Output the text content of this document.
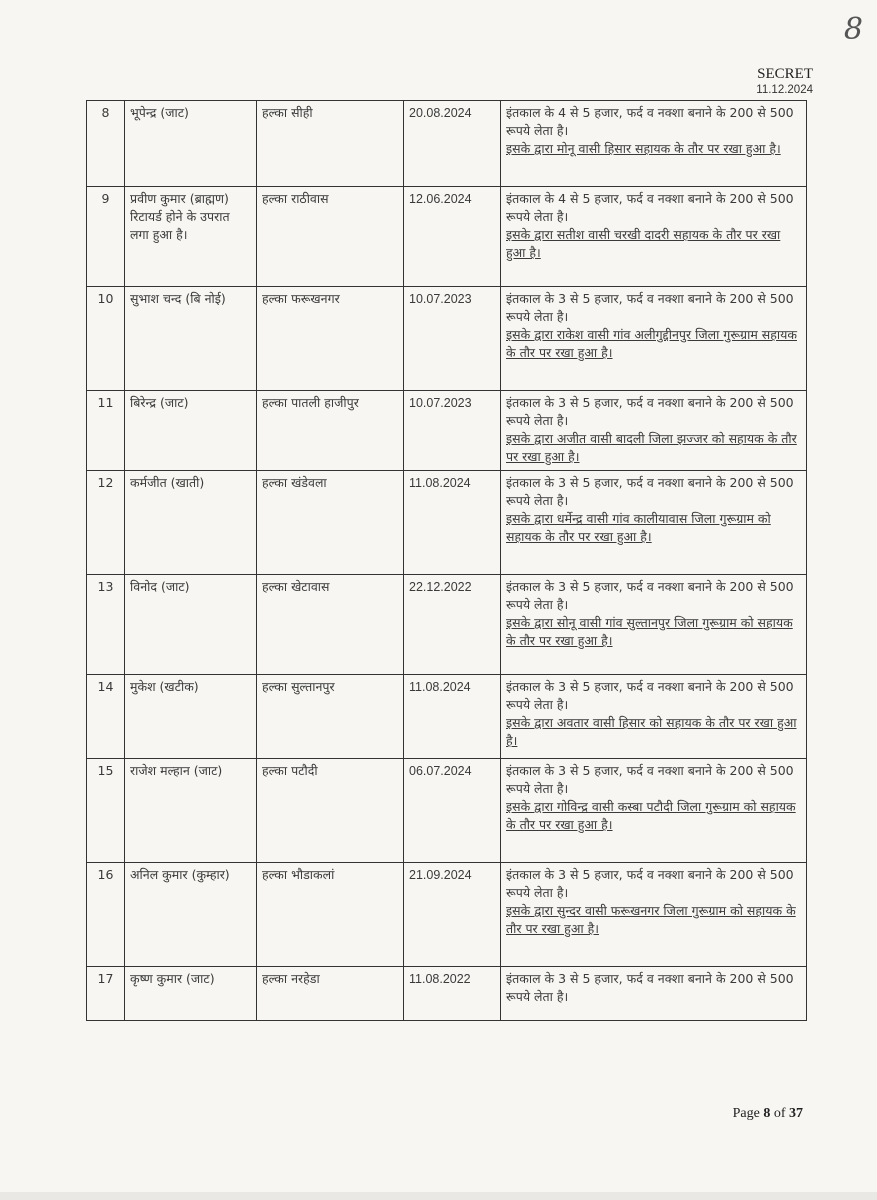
8
SECRET
11.12.2024
8	भूपेन्द्र (जाट)	हल्का सीही	20.08.2024	इंतकाल के 4 से 5 हजार, फर्द व नक्शा बनाने के 200 से 500 रूपये लेता है।
इसके द्वारा मोनू वासी हिसार सहायक के तौर पर रखा हुआ है।

9	प्रवीण कुमार (ब्राह्मण) रिटायर्ड होने के उपरात लगा हुआ है।	हल्का राठीवास	12.06.2024	इंतकाल के 4 से 5 हजार, फर्द व नक्शा बनाने के 200 से 500 रूपये लेता है।
इसके द्वारा सतीश वासी चरखी दादरी सहायक के तौर पर रखा हुआ है।

10	सुभाश चन्द (बि नोई)	हल्का फरूखनगर	10.07.2023	इंतकाल के 3 से 5 हजार, फर्द व नक्शा बनाने के 200 से 500 रूपये लेता है।
इसके द्वारा राकेश वासी गांव अलीगुद्दीनपुर जिला गुरूग्राम सहायक के तौर पर रखा हुआ है।

11	बिरेन्द्र (जाट)	हल्का पातली हाजीपुर	10.07.2023	इंतकाल के 3 से 5 हजार, फर्द व नक्शा बनाने के 200 से 500 रूपये लेता है।
इसके द्वारा अजीत वासी बादली जिला झज्जर को सहायक के तौर पर रखा हुआ है।

12	कर्मजीत (खाती)	हल्का खंडेवला	11.08.2024	इंतकाल के 3 से 5 हजार, फर्द व नक्शा बनाने के 200 से 500 रूपये लेता है।
इसके द्वारा धर्मेन्द्र वासी गांव कालीयावास जिला गुरूग्राम को सहायक के तौर पर रखा हुआ है।

13	विनोद (जाट)	हल्का खेटावास	22.12.2022	इंतकाल के 3 से 5 हजार, फर्द व नक्शा बनाने के 200 से 500 रूपये लेता है।
इसके द्वारा सोनू वासी गांव सुल्तानपुर जिला गुरूग्राम को सहायक के तौर पर रखा हुआ है।

14	मुकेश (खटीक)	हल्का सुल्तानपुर	11.08.2024	इंतकाल के 3 से 5 हजार, फर्द व नक्शा बनाने के 200 से 500 रूपये लेता है।
इसके द्वारा अवतार वासी हिसार को सहायक के तौर पर रखा हुआ है।

15	राजेश मल्हान (जाट)	हल्का पटौदी	06.07.2024	इंतकाल के 3 से 5 हजार, फर्द व नक्शा बनाने के 200 से 500 रूपये लेता है।
इसके द्वारा गोविन्द्र वासी कस्बा पटौदी जिला गुरूग्राम को सहायक के तौर पर रखा हुआ है।

16	अनिल कुमार (कुम्हार)	हल्का भौडाकलां	21.09.2024	इंतकाल के 3 से 5 हजार, फर्द व नक्शा बनाने के 200 से 500 रूपये लेता है।
इसके द्वारा सुन्दर वासी फरूखनगर जिला गुरूग्राम को सहायक के तौर पर रखा हुआ है।

17	कृष्ण कुमार (जाट)	हल्का नरहेडा	11.08.2022	इंतकाल के 3 से 5 हजार, फर्द व नक्शा बनाने के 200 से 500 रूपये लेता है।
Page 8 of 37
